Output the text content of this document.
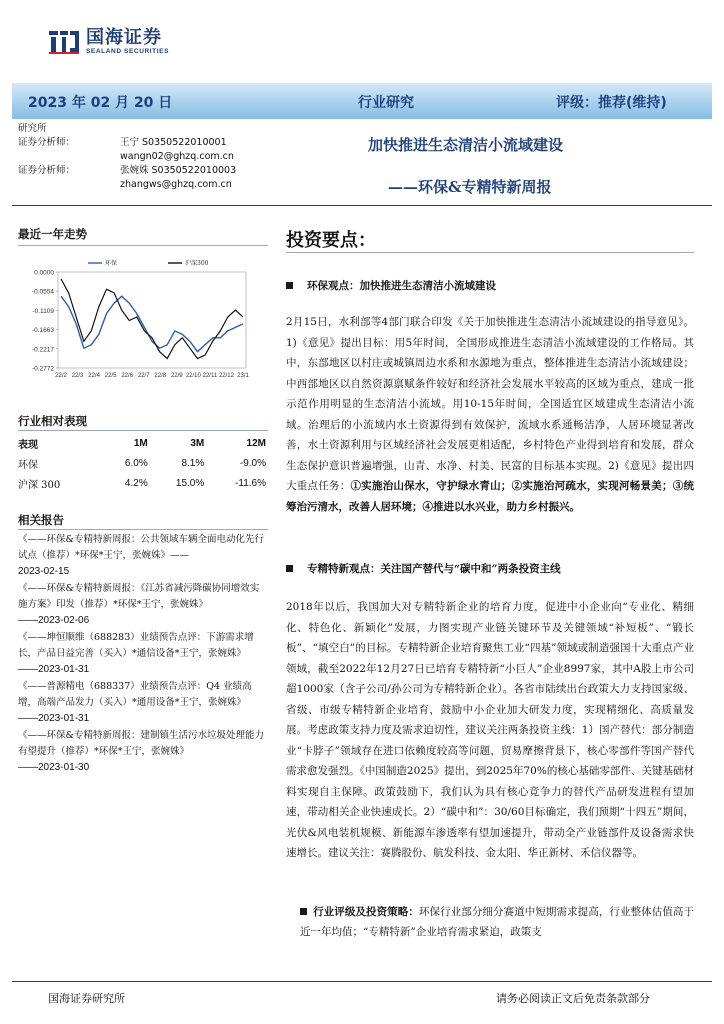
国海证券
SEALAND SECURITIES
2023 年 02 月 20 日	行业研究	评级：推荐(维持)
研究所
证券分析师：	王宁 S0350522010001
wangn02@ghzq.com.cn
证券分析师：	张婉姝 S0350522010003
zhangws@ghzq.com.cn
加快推进生态清洁小流域建设
——环保&专精特新周报
最近一年走势
0.0000
-0.0554
-0.1109
-0.1663
-0.2217
-0.2772
22/2 22/3 22/4 22/5 22/6 22/7 22/8 22/9 22/10 22/11 22/12 23/1
环保	沪深300
行业相对表现
表现	1M	3M	12M
环保	6.0%	8.1%	-9.0%
沪深 300	4.2%	15.0%	-11.6%
相关报告
《——环保&专精特新周报：公共领域车辆全面电动化先行试点（推荐）*环保*王宁，张婉姝》——
2023-02-15
《——环保&专精特新周报：《江苏省减污降碳协同增效实施方案》印发（推荐）*环保*王宁，张婉姝》
——2023-02-06
《——坤恒顺维（688283）业绩预告点评：下游需求增长，产品日益完善（买入）*通信设备*王宁，张婉姝》
——2023-01-31
《——普源精电（688337）业绩预告点评：Q4 业绩高增，高端产品发力（买入）*通用设备*王宁，张婉姝》
——2023-01-31
《——环保&专精特新周报：建制镇生活污水垃圾处理能力有望提升（推荐）*环保*王宁，张婉姝》
——2023-01-30
投资要点：
环保观点：加快推进生态清洁小流域建设
2月15日，水利部等4部门联合印发《关于加快推进生态清洁小流域建设的指导意见》。1)《意见》提出目标：用5年时间，全国形成推进生态清洁小流域建设的工作格局。其中，东部地区以村庄或城镇周边水系和水源地为重点，整体推进生态清洁小流域建设；中西部地区以自然资源禀赋条件较好和经济社会发展水平较高的区域为重点，建成一批示范作用明显的生态清洁小流域。用10-15年时间，全国适宜区域建成生态清洁小流域。治理后的小流域内水土资源得到有效保护，流域水系通畅洁净，人居环境显著改善，水土资源利用与区域经济社会发展更相适配，乡村特色产业得到培育和发展，群众生态保护意识普遍增强，山青、水净、村美、民富的目标基本实现。2)《意见》提出四大重点任务：①实施治山保水，守护绿水青山；②实施治河疏水，实现河畅景美；③统筹治污清水，改善人居环境；④推进以水兴业，助力乡村振兴。
专精特新观点：关注国产替代与“碳中和”两条投资主线
2018年以后，我国加大对专精特新企业的培育力度，促进中小企业向“专业化、精细化、特色化、新颖化”发展，力图实现产业链关键环节及关键领域“补短板”、“锻长板”、“填空白”的目标。专精特新企业培育聚焦工业“四基”领域或制造强国十大重点产业领域，截至2022年12月27日已培育专精特新“小巨人”企业8997家，其中A股上市公司超1000家（含子公司/孙公司为专精特新企业）。各省市陆续出台政策大力支持国家级、省级、市级专精特新企业培育，鼓励中小企业加大研发力度，实现精细化、高质量发展。考虑政策支持力度及需求迫切性，建议关注两条投资主线：1）国产替代：部分制造业“卡脖子”领域存在进口依赖度较高等问题，贸易摩擦背景下，核心零部件等国产替代需求愈发强烈。《中国制造2025》提出，到2025年70%的核心基础零部件、关键基础材料实现自主保障。政策鼓励下，我们认为具有核心竞争力的替代产品研发进程有望加速，带动相关企业快速成长。2）“碳中和”：30/60目标确定，我们预期“十四五”期间，光伏&风电装机规模、新能源车渗透率有望加速提升，带动全产业链部件及设备需求快速增长。建议关注：赛腾股份、航发科技、金太阳、华正新材、禾信仪器等。
行业评级及投资策略：环保行业部分细分赛道中短期需求提高，行业整体估值高于近一年均值；“专精特新”企业培育需求紧迫，政策支
国海证券研究所	请务必阅读正文后免责条款部分
